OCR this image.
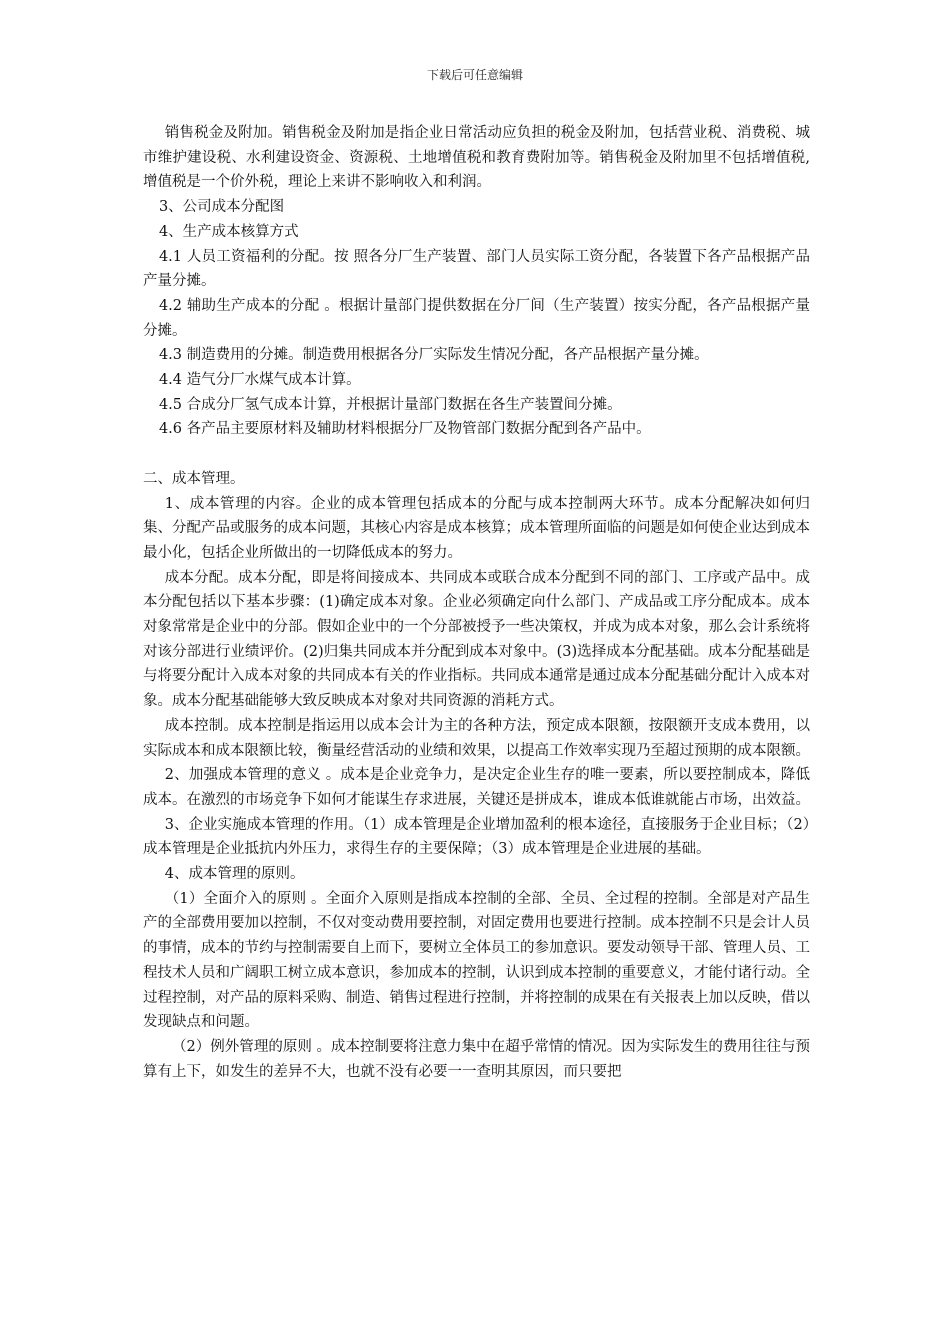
下载后可任意编辑

销售税金及附加。销售税金及附加是指企业日常活动应负担的税金及附加，包括营业税、消费税、城市维护建设税、水利建设资金、资源税、土地增值税和教育费附加等。销售税金及附加里不包括增值税,增值税是一个价外税，理论上来讲不影响收入和利润。

3、公司成本分配图

4、生产成本核算方式

4.1 人员工资福利的分配。按 照各分厂生产装置、部门人员实际工资分配，各装置下各产品根据产品产量分摊。

4.2 辅助生产成本的分配 。根据计量部门提供数据在分厂间（生产装置）按实分配，各产品根据产量分摊。

4.3 制造费用的分摊。制造费用根据各分厂实际发生情况分配，各产品根据产量分摊。

4.4 造气分厂水煤气成本计算。

4.5 合成分厂氢气成本计算，并根据计量部门数据在各生产装置间分摊。

4.6 各产品主要原材料及辅助材料根据分厂及物管部门数据分配到各产品中。

二、成本管理。

1、成本管理的内容。企业的成本管理包括成本的分配与成本控制两大环节。成本分配解决如何归集、分配产品或服务的成本问题，其核心内容是成本核算；成本管理所面临的问题是如何使企业达到成本最小化，包括企业所做出的一切降低成本的努力。

成本分配。成本分配，即是将间接成本、共同成本或联合成本分配到不同的部门、工序或产品中。成本分配包括以下基本步骤：(1)确定成本对象。企业必须确定向什么部门、产成品或工序分配成本。成本对象常常是企业中的分部。假如企业中的一个分部被授予一些决策权，并成为成本对象，那么会计系统将对该分部进行业绩评价。(2)归集共同成本并分配到成本对象中。(3)选择成本分配基础。成本分配基础是与将要分配计入成本对象的共同成本有关的作业指标。共同成本通常是通过成本分配基础分配计入成本对象。成本分配基础能够大致反映成本对象对共同资源的消耗方式。

成本控制。成本控制是指运用以成本会计为主的各种方法，预定成本限额，按限额开支成本费用，以实际成本和成本限额比较，衡量经营活动的业绩和效果，以提高工作效率实现乃至超过预期的成本限额。

2、加强成本管理的意义 。成本是企业竞争力，是决定企业生存的唯一要素，所以要控制成本，降低成本。在激烈的市场竞争下如何才能谋生存求进展，关键还是拼成本，谁成本低谁就能占市场，出效益。

3、企业实施成本管理的作用。（1）成本管理是企业增加盈利的根本途径，直接服务于企业目标；（2）成本管理是企业抵抗内外压力，求得生存的主要保障；（3）成本管理是企业进展的基础。

4、成本管理的原则。

（1）全面介入的原则 。全面介入原则是指成本控制的全部、全员、全过程的控制。全部是对产品生产的全部费用要加以控制，不仅对变动费用要控制，对固定费用也要进行控制。成本控制不只是会计人员的事情，成本的节约与控制需要自上而下，要树立全体员工的参加意识。要发动领导干部、管理人员、工程技术人员和广阔职工树立成本意识，参加成本的控制，认识到成本控制的重要意义，才能付诸行动。全过程控制，对产品的原料采购、制造、销售过程进行控制，并将控制的成果在有关报表上加以反映，借以发现缺点和问题。

（2）例外管理的原则 。成本控制要将注意力集中在超乎常情的情况。因为实际发生的费用往往与预算有上下，如发生的差异不大，也就不没有必要一一查明其原因，而只要把
